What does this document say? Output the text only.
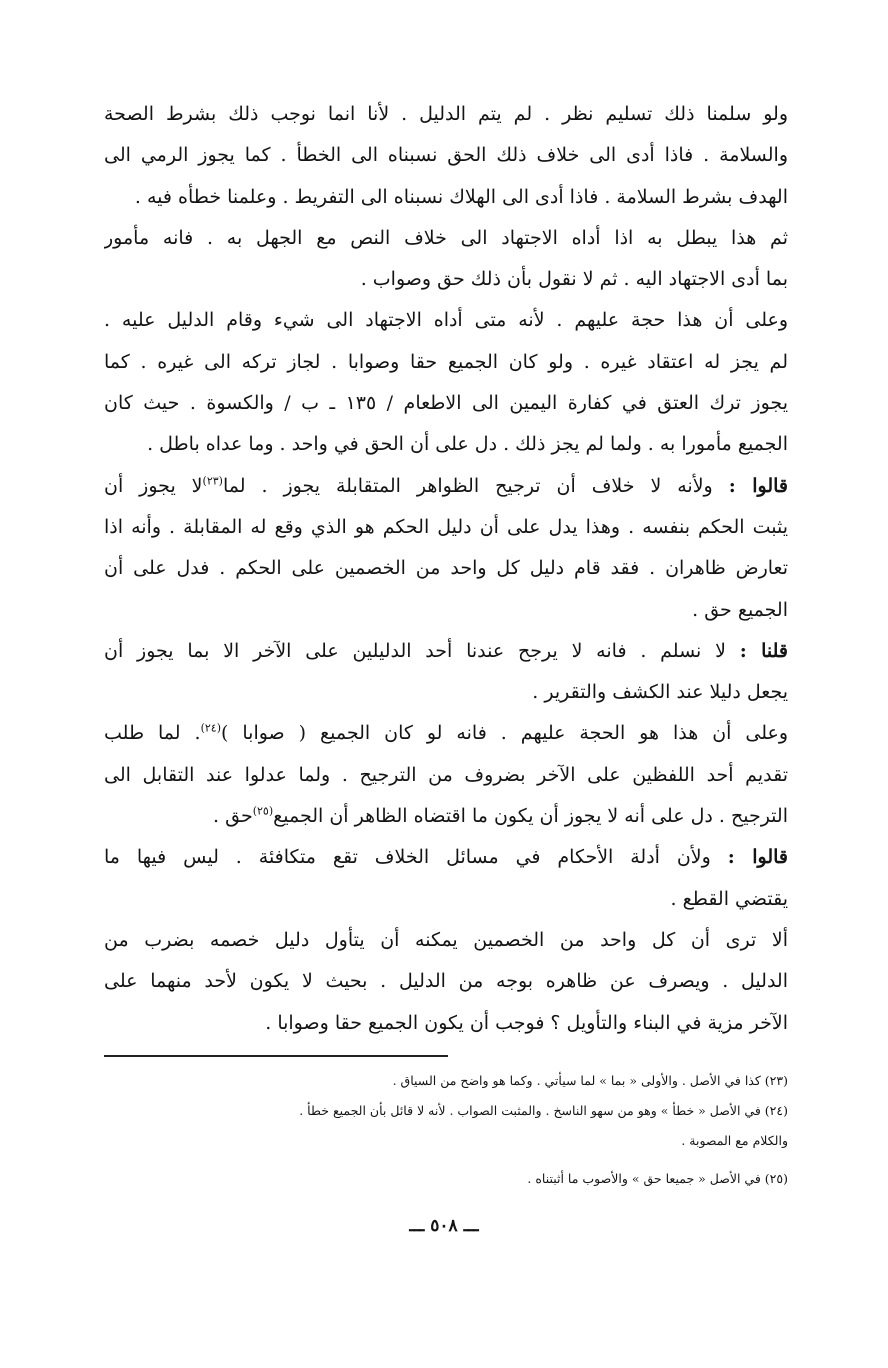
ولو سلمنا ذلك تسليم نظر . لم يتم الدليل . لأنا انما نوجب ذلك بشرط الصحة
والسلامة . فاذا أدى الى خلاف ذلك الحق نسبناه الى الخطأ . كما يجوز الرمي الى
الهدف بشرط السلامة . فاذا أدى الى الهلاك نسبناه الى التفريط . وعلمنا خطأه فيه .
ثم هذا يبطل به اذا أداه الاجتهاد الى خلاف النص مع الجهل به . فانه مأمور
بما أدى الاجتهاد اليه . ثم لا نقول بأن ذلك حق وصواب .
وعلى أن هذا حجة عليهم . لأنه متى أداه الاجتهاد الى شيء وقام الدليل عليه .
لم يجز له اعتقاد غيره . ولو كان الجميع حقا وصوابا . لجاز تركه الى غيره . كما
يجوز ترك العتق في كفارة اليمين الى الاطعام / ١٣٥ ـ ب / والكسوة . حيث كان
الجميع مأمورا به . ولما لم يجز ذلك . دل على أن الحق في واحد . وما عداه باطل .
قالوا : ولأنه لا خلاف أن ترجيح الظواهر المتقابلة يجوز . لما$^{(٢٣)}$لا يجوز أن
يثبت الحكم بنفسه . وهذا يدل على أن دليل الحكم هو الذي وقع له المقابلة . وأنه اذا
تعارض ظاهران . فقد قام دليل كل واحد من الخصمين على الحكم . فدل على أن
الجميع حق .
قلنا : لا نسلم . فانه لا يرجح عندنا أحد الدليلين على الآخر الا بما يجوز أن
يجعل دليلا عند الكشف والتقرير .
وعلى أن هذا هو الحجة عليهم . فانه لو كان الجميع ( صوابا )$^{(٢٤)}$. لما طلب
تقديم أحد اللفظين على الآخر بضروف من الترجيح . ولما عدلوا عند التقابل الى
الترجيح . دل على أنه لا يجوز أن يكون ما اقتضاه الظاهر أن الجميع$^{(٢٥)}$حق .
قالوا : ولأن أدلة الأحكام في مسائل الخلاف تقع متكافئة . ليس فيها ما
يقتضي القطع .
ألا ترى أن كل واحد من الخصمين يمكنه أن يتأول دليل خصمه بضرب من
الدليل . ويصرف عن ظاهره بوجه من الدليل . بحيث لا يكون لأحد منهما على
الآخر مزية في البناء والتأويل ؟ فوجب أن يكون الجميع حقا وصوابا .
(٢٣) كذا في الأصل . والأولى « بما » لما سيأتي . وكما هو واضح من السياق .
(٢٤) في الأصل « خطأ » وهو من سهو الناسخ . والمثبت الصواب . لأنه لا قائل بأن الجميع خطأ .
والكلام مع المصوبة .
(٢٥) في الأصل « جميعا حق » والأصوب ما أثبتناه .
ـــ ٥٠٨ ـــ
